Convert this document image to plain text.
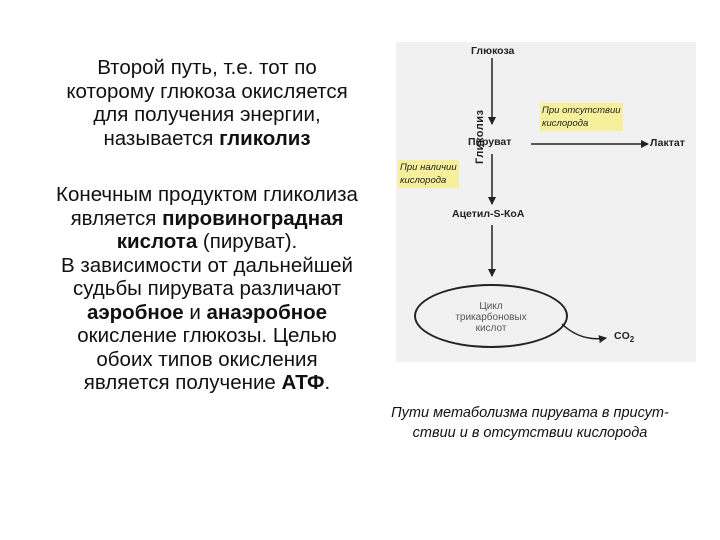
Второй путь, т.е. тот по
которому глюкоза окисляется
для получения энергии,
называется гликолиз
Конечным продуктом гликолиза
является пировиноградная
кислота (пируват).
В зависимости от дальнейшей
судьбы пирувата различают
аэробное и анаэробное
окисление глюкозы. Целью
обоих типов окисления
является получение АТФ.
Глюкоза
Гликолиз
Пируват	Лактат
При отсутствии
кислорода
При наличии
кислорода
Ацетил-S-КоА
Цикл
трикарбоновых
кислот
$CO_2$
Пути метаболизма пирувата в присут-
ствии и в отсутствии кислорода
